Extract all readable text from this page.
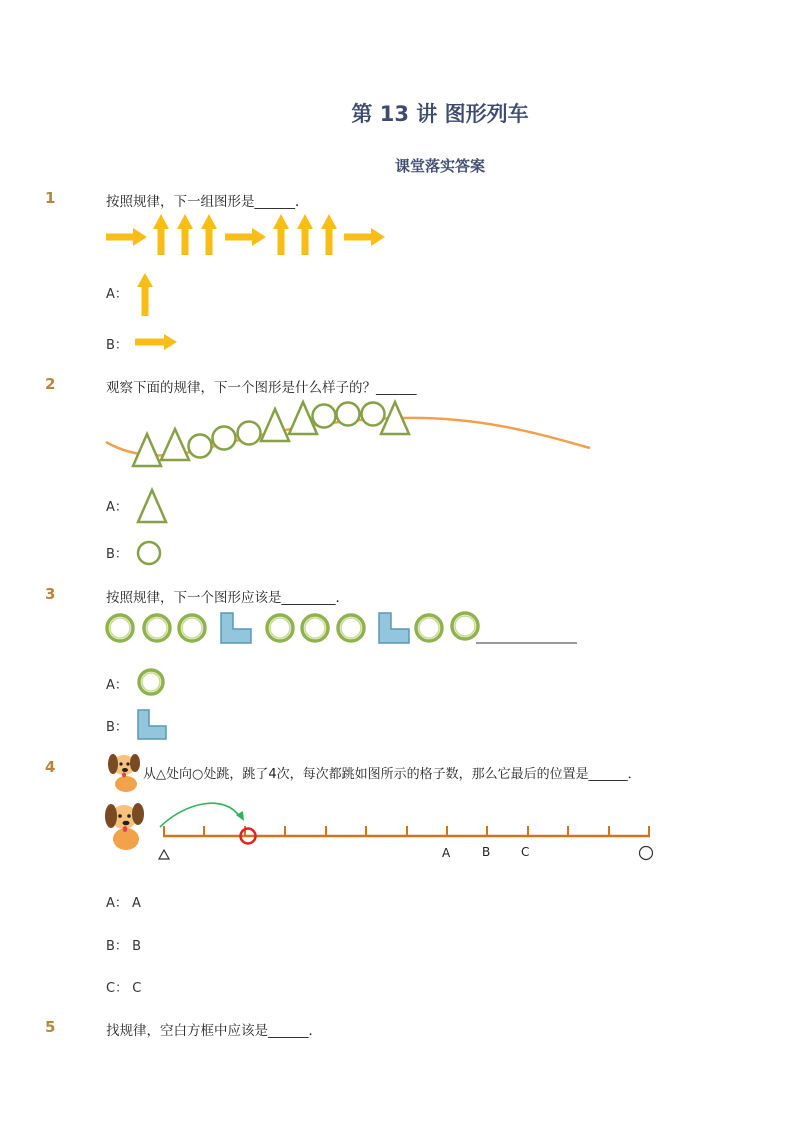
第 13 讲 图形列车
课堂落实答案
1	按照规律，下一组图形是______．
A：
B：
2	观察下面的规律，下一个图形是什么样子的？______
A：
B：
3	按照规律，下一个图形应该是________．
A：
B：
4	从△处向○处跳，跳了4次，每次都跳如图所示的格子数，那么它最后的位置是______．
A	B	C
A： A
B： B
C： C
5	找规律，空白方框中应该是______．
